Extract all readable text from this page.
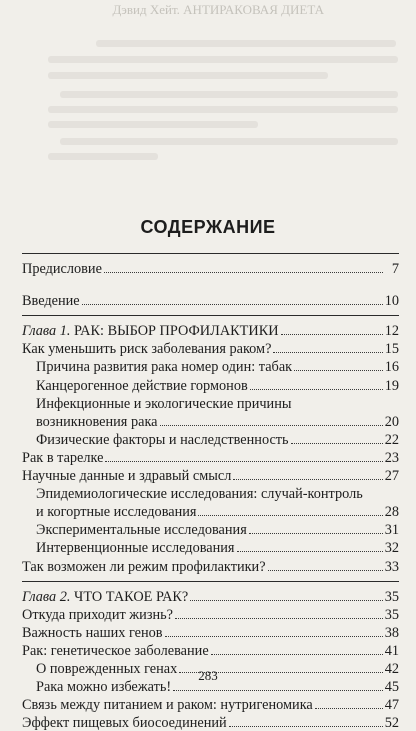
Дэвид Хейт. АНТИРАКОВАЯ ДИЕТА
СОДЕРЖАНИЕ
Предисловие	7
Введение	10
Глава 1. РАК: ВЫБОР ПРОФИЛАКТИКИ	12
Как уменьшить риск заболевания раком?	15
Причина развития рака номер один: табак	16
Канцерогенное действие гормонов	19
Инфекционные и экологические причины
возникновения рака	20
Физические факторы и наследственность	22
Рак в тарелке	23
Научные данные и здравый смысл	27
Эпидемиологические исследования: случай-контроль
и когортные исследования	28
Экспериментальные исследования	31
Интервенционные исследования	32
Так возможен ли режим профилактики?	33
Глава 2. ЧТО ТАКОЕ РАК?	35
Откуда приходит жизнь?	35
Важность наших генов	38
Рак: генетическое заболевание	41
О поврежденных генах	42
Рака можно избежать!	45
Связь между питанием и раком: нутригеномика	47
Эффект пищевых биосоединений	52
283
